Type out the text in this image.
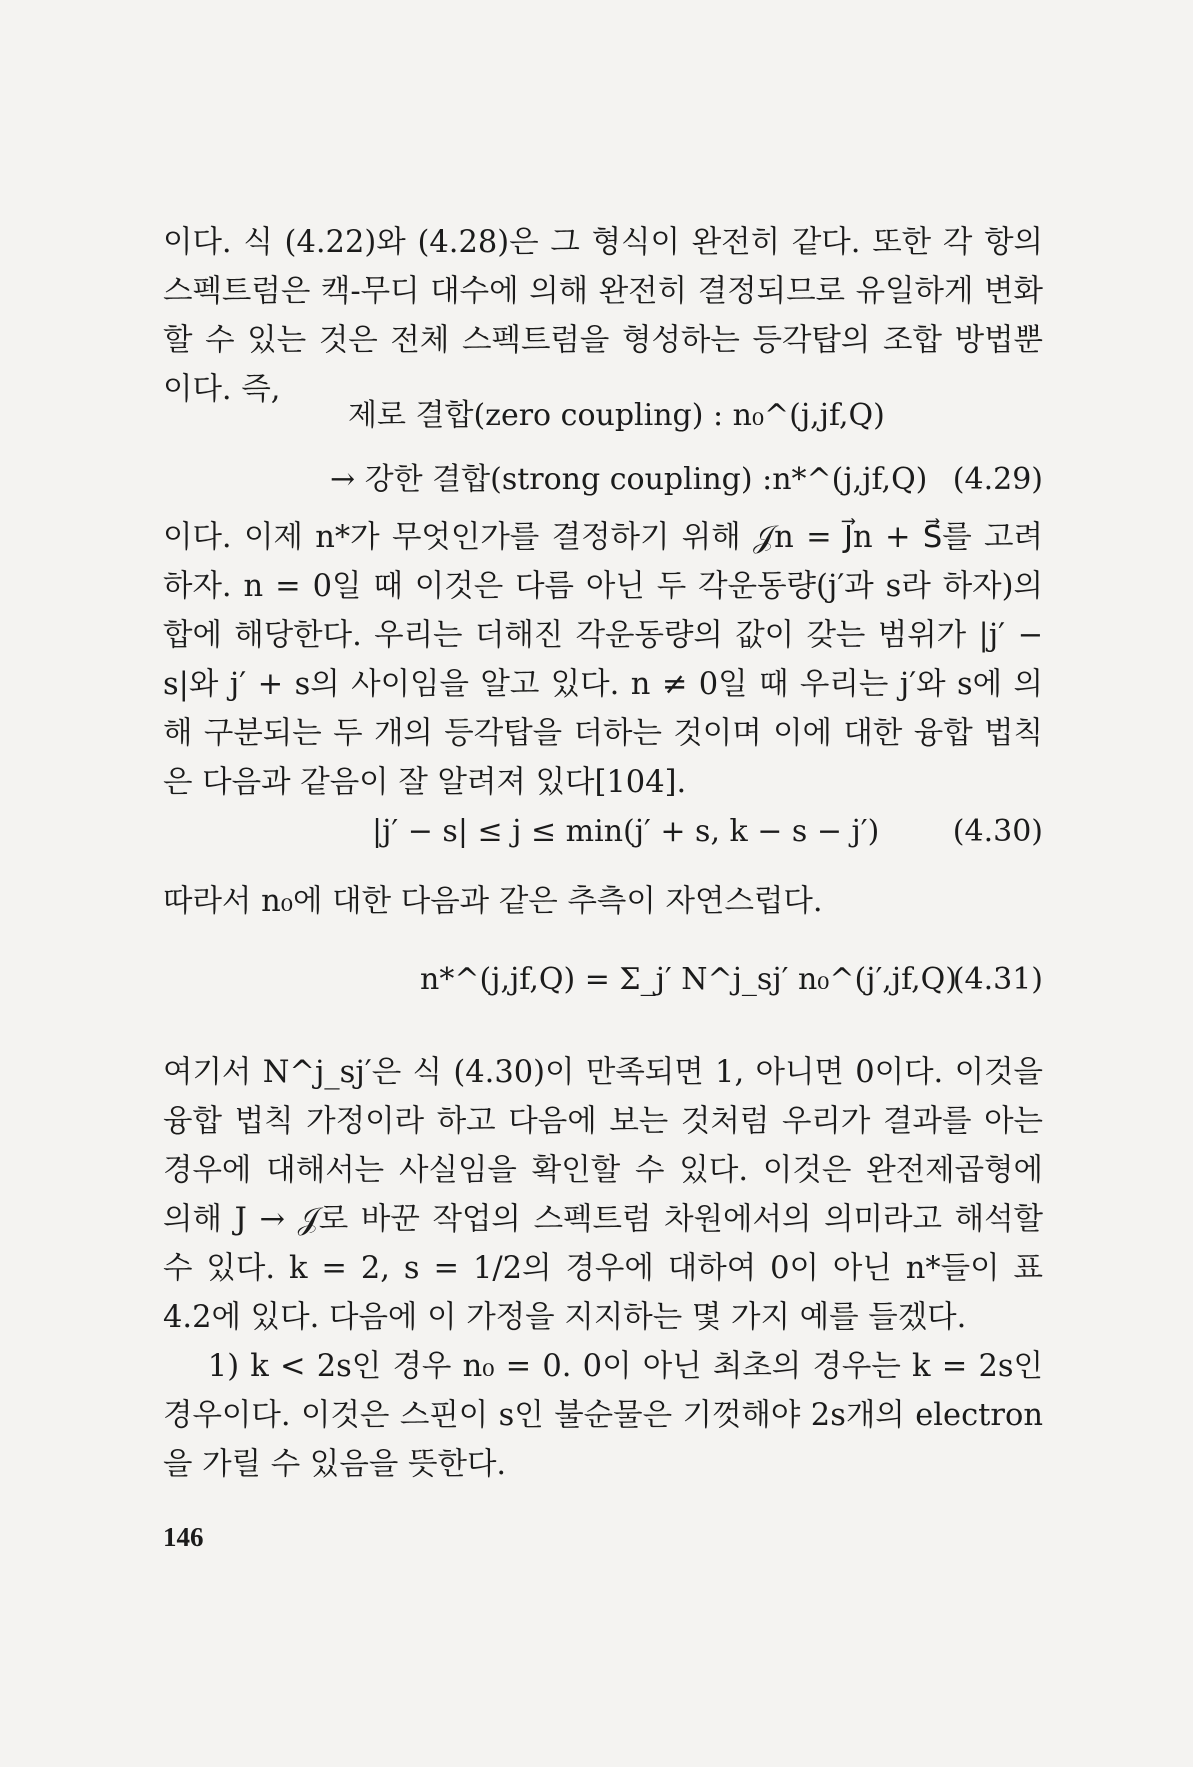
이다. 식 (4.22)와 (4.28)은 그 형식이 완전히 같다. 또한 각 항의 스펙트럼은 캑-무디 대수에 의해 완전히 결정되므로 유일하게 변화할 수 있는 것은 전체 스펙트럼을 형성하는 등각탑의 조합 방법뿐이다. 즉,

제로 결합(zero coupling) : n₀^(j,jf,Q)
→ 강한 결합(strong coupling) :n*^(j,jf,Q) (4.29)

이다. 이제 n*가 무엇인가를 결정하기 위해 𝒥n = J⃗n + S⃗를 고려하자. n = 0일 때 이것은 다름 아닌 두 각운동량(j′과 s라 하자)의 합에 해당한다. 우리는 더해진 각운동량의 값이 갖는 범위가 |j′ − s|와 j′ + s의 사이임을 알고 있다. n ≠ 0일 때 우리는 j′와 s에 의해 구분되는 두 개의 등각탑을 더하는 것이며 이에 대한 융합 법칙은 다음과 같음이 잘 알려져 있다[104].

|j′ − s| ≤ j ≤ min(j′ + s, k − s − j′) (4.30)

따라서 n₀에 대한 다음과 같은 추측이 자연스럽다.

n*^(j,jf,Q) = Σ_j′ N^j_sj′ n₀^(j′,jf,Q)
(4.31)

여기서 N^j_sj′은 식 (4.30)이 만족되면 1, 아니면 0이다. 이것을 융합 법칙 가정이라 하고 다음에 보는 것처럼 우리가 결과를 아는 경우에 대해서는 사실임을 확인할 수 있다. 이것은 완전제곱형에 의해 J → 𝒥로 바꾼 작업의 스펙트럼 차원에서의 의미라고 해석할 수 있다. k = 2, s = 1/2의 경우에 대하여 0이 아닌 n*들이 표 4.2에 있다. 다음에 이 가정을 지지하는 몇 가지 예를 들겠다.

1) k < 2s인 경우 n₀ = 0. 0이 아닌 최초의 경우는 k = 2s인 경우이다. 이것은 스핀이 s인 불순물은 기껏해야 2s개의 electron을 가릴 수 있음을 뜻한다.

146
